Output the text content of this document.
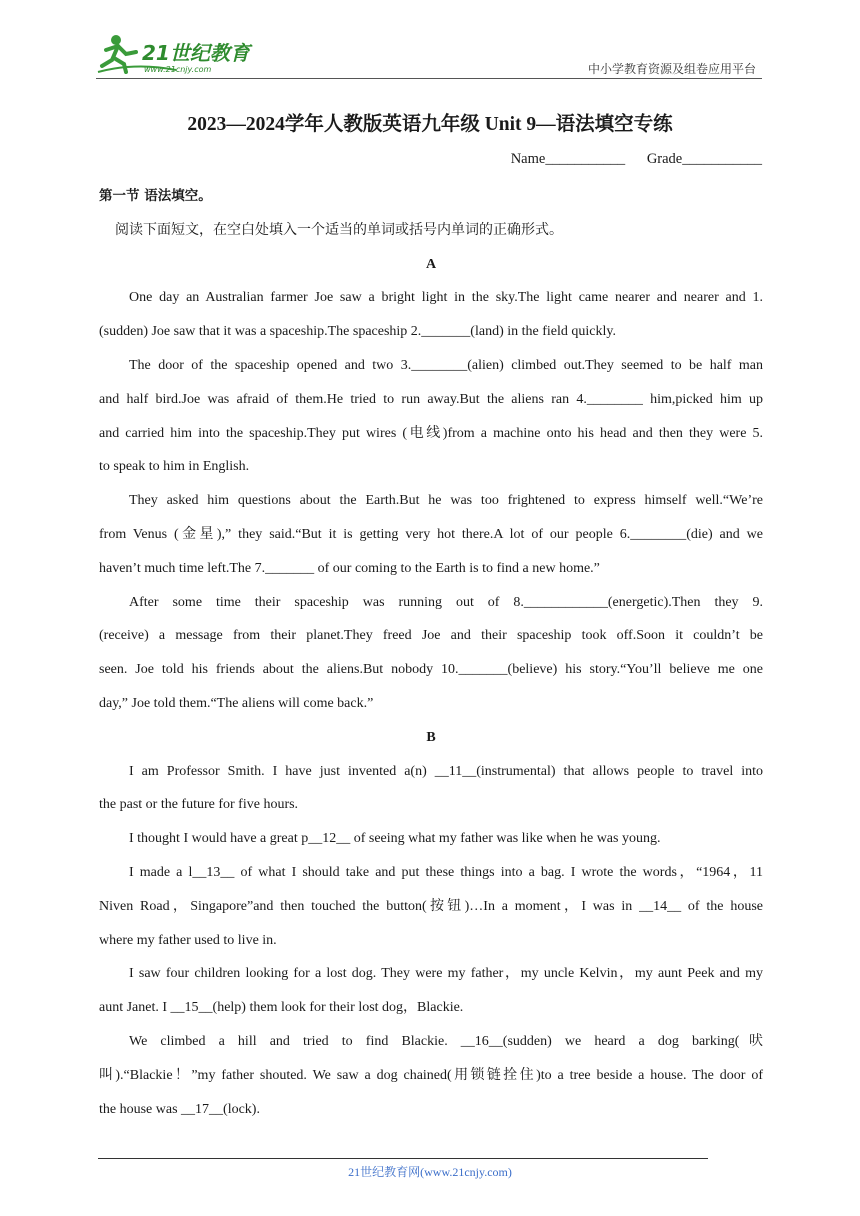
21世纪教育
www.21cnjy.com	中小学教育资源及组卷应用平台
2023—2024学年人教版英语九年级 Unit 9—语法填空专练
Name___________      Grade___________
第一节 语法填空。
阅读下面短文，在空白处填入一个适当的单词或括号内单词的正确形式。
A
One day an Australian farmer Joe saw a bright light in the sky.The light came nearer and nearer and 1.
(sudden) Joe saw that it was a spaceship.The spaceship 2._______(land) in the field quickly.
The door of the spaceship opened and two 3.________(alien) climbed out.They seemed to be half man
and half bird.Joe was afraid of them.He tried to run away.But the aliens ran 4.________ him,picked him up
and carried him into the spaceship.They put wires (电线)from a machine onto his head and then they were 5.
to speak to him in English.
They asked him questions about the Earth.But he was too frightened to express himself well.“We’re
from Venus (金星),” they said.“But it is getting very hot there.A lot of our people 6.________(die) and we
haven’t much time left.The 7._______ of our coming to the Earth is to find a new home.”
After some time their spaceship was running out of 8.____________(energetic).Then they 9.
(receive) a message from their planet.They freed Joe and their spaceship took off.Soon it couldn’t be
seen. Joe told his friends about the aliens.But nobody 10._______(believe) his story.“You’ll believe me one
day,” Joe told them.“The aliens will come back.”
B
I am Professor Smith. I have just invented a(n) __11__(instrumental) that allows people to travel into
the past or the future for five hours.
I thought I would have a great p__12__ of seeing what my father was like when he was young.
I made a l__13__ of what I should take and put these things into a bag. I wrote the words，“1964，11
Niven Road，Singapore”and then touched the button(按钮)…In a moment，I was in __14__ of the house
where my father used to live in.
I saw four children looking for a lost dog. They were my father，my uncle Kelvin，my aunt Peek and my
aunt Janet. I __15__(help) them look for their lost dog，Blackie.
We climbed a hill and tried to find Blackie. __16__(sudden) we heard a dog barking(吠
叫).“Blackie！”my father shouted. We saw a dog chained(用锁链拴住)to a tree beside a house. The door of
the house was __17__(lock).
21世纪教育网(www.21cnjy.com)
